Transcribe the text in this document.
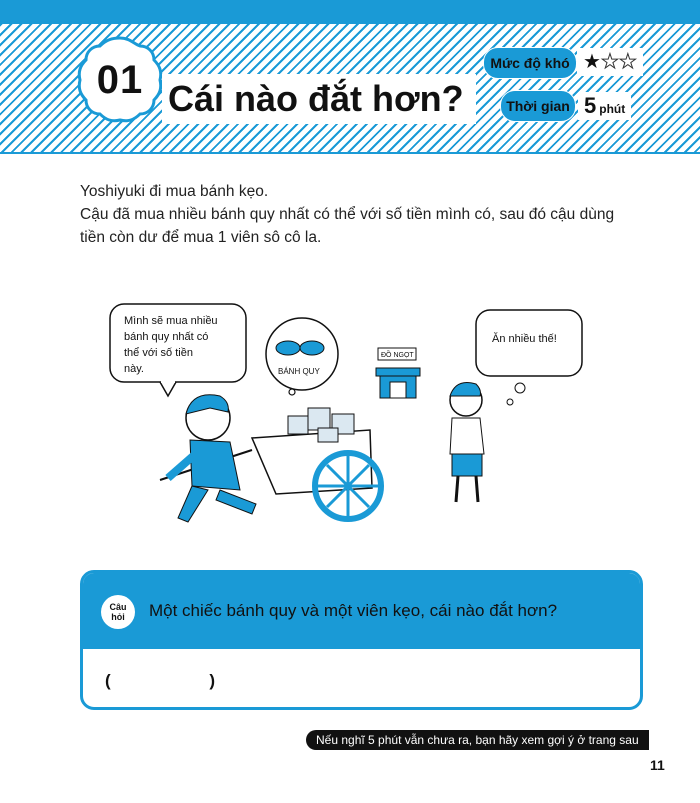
01 Cái nào đắt hơn?
Mức độ khó ★ ★ ★
Thời gian 5 phút

Yoshiyuki đi mua bánh kẹo.

Cậu đã mua nhiều bánh quy nhất có thể với số tiền mình có, sau đó cậu dùng tiền còn dư để mua 1 viên sô cô la.

Mình sẽ mua nhiều
bánh quy nhất có
thể với số tiền
này.	BÁNH QUY
ĐỒ NGỌT
Ăn nhiều thế!
Câu
hỏi Một chiếc bánh quy và một viên kẹo, cái nào đắt hơn?
(	)
Nếu nghĩ 5 phút vẫn chưa ra, bạn hãy xem gợi ý ở trang sau
11
